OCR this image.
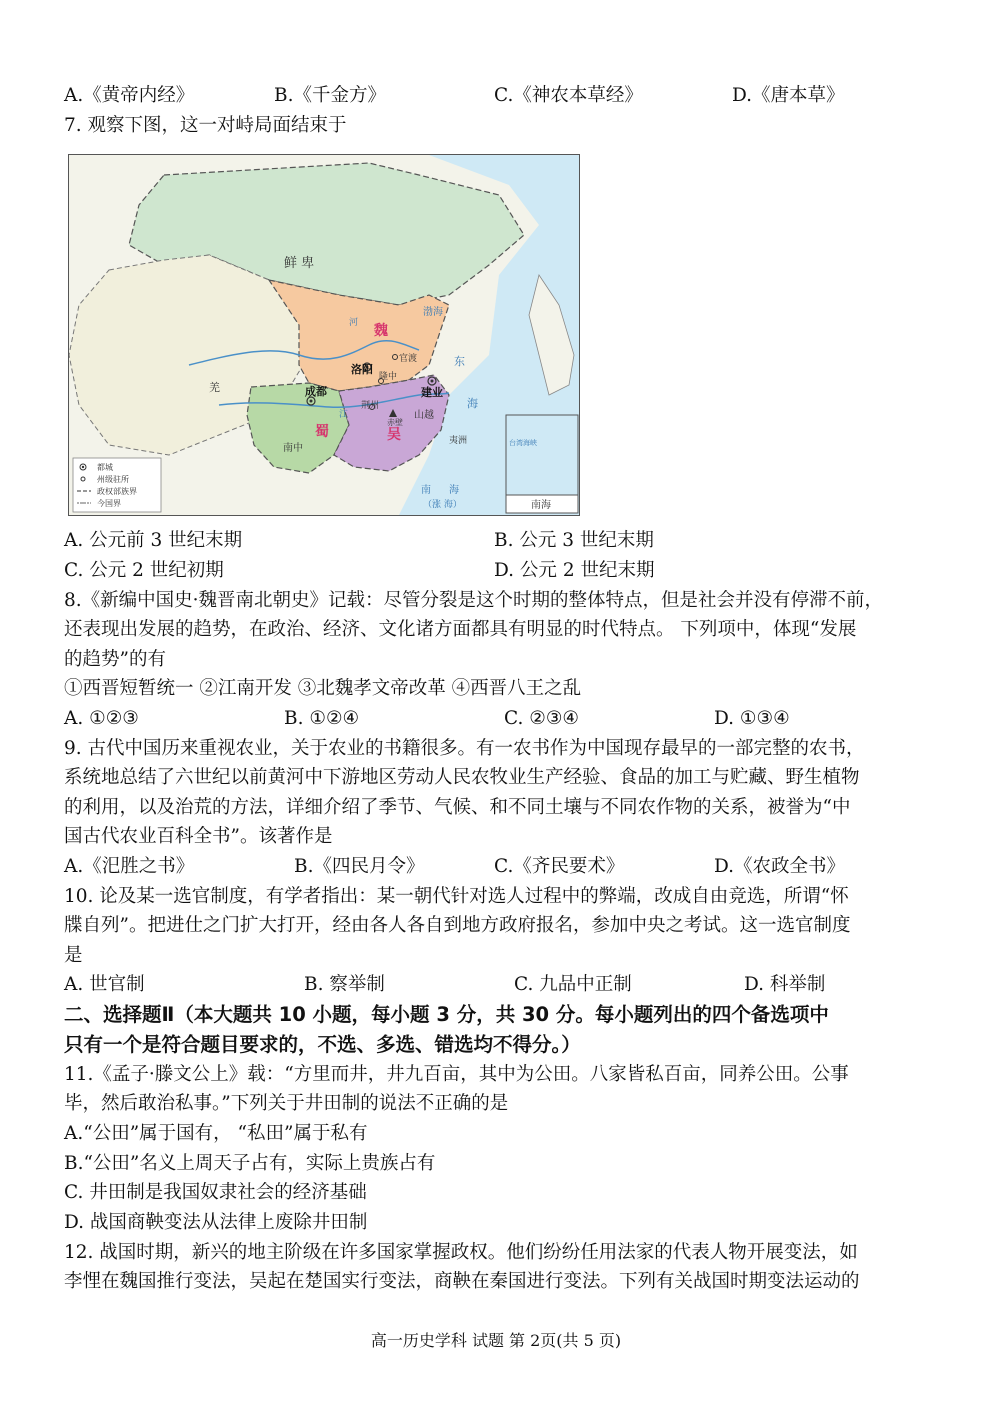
A.《黄帝内经》	B.《千金方》	C.《神农本草经》	D.《唐本草》
7. 观察下图，这一对峙局面结束于
鲜 卑
魏
蜀	吴
羌
南中
山越
夷洲
洛阳
成都	建业
官渡
隆中
荆州
赤壁
渤海
东
海
南 海
（涨 海）
台湾海峡
河
江
南海
都城
州级驻所
政权部族界
今国界
A. 公元前 3 世纪末期	B. 公元 3 世纪末期
C. 公元 2 世纪初期	D. 公元 2 世纪末期
8.《新编中国史·魏晋南北朝史》记载：尽管分裂是这个时期的整体特点，但是社会并没有停滞不前，
还表现出发展的趋势，在政治、经济、文化诸方面都具有明显的时代特点。 下列项中，体现“发展
的趋势”的有
①西晋短暂统一 ②江南开发 ③北魏孝文帝改革 ④西晋八王之乱
A. ①②③	B. ①②④	C. ②③④	D. ①③④
9. 古代中国历来重视农业，关于农业的书籍很多。有一农书作为中国现存最早的一部完整的农书，
系统地总结了六世纪以前黄河中下游地区劳动人民农牧业生产经验、食品的加工与贮藏、野生植物
的利用，以及治荒的方法，详细介绍了季节、气候、和不同土壤与不同农作物的关系，被誉为“中
国古代农业百科全书”。该著作是
A.《汜胜之书》	B.《四民月令》	C.《齐民要术》	D.《农政全书》
10. 论及某一选官制度，有学者指出：某一朝代针对选人过程中的弊端，改成自由竞选，所谓“怀
牒自列”。把进仕之门扩大打开，经由各人各自到地方政府报名，参加中央之考试。这一选官制度
是
A. 世官制	B. 察举制	C. 九品中正制	D. 科举制
二、选择题Ⅱ（本大题共 10 小题，每小题 3 分，共 30 分。每小题列出的四个备选项中
只有一个是符合题目要求的，不选、多选、错选均不得分。）
11.《孟子·滕文公上》载：“方里而井，井九百亩，其中为公田。八家皆私百亩，同养公田。公事
毕，然后敢治私事。”下列关于井田制的说法不正确的是
A.“公田”属于国有， “私田”属于私有
B.“公田”名义上周天子占有，实际上贵族占有
C. 井田制是我国奴隶社会的经济基础
D. 战国商鞅变法从法律上废除井田制
12. 战国时期，新兴的地主阶级在许多国家掌握政权。他们纷纷任用法家的代表人物开展变法，如
李悝在魏国推行变法，吴起在楚国实行变法，商鞅在秦国进行变法。下列有关战国时期变法运动的
高一历史学科 试题 第 2页(共 5 页)
